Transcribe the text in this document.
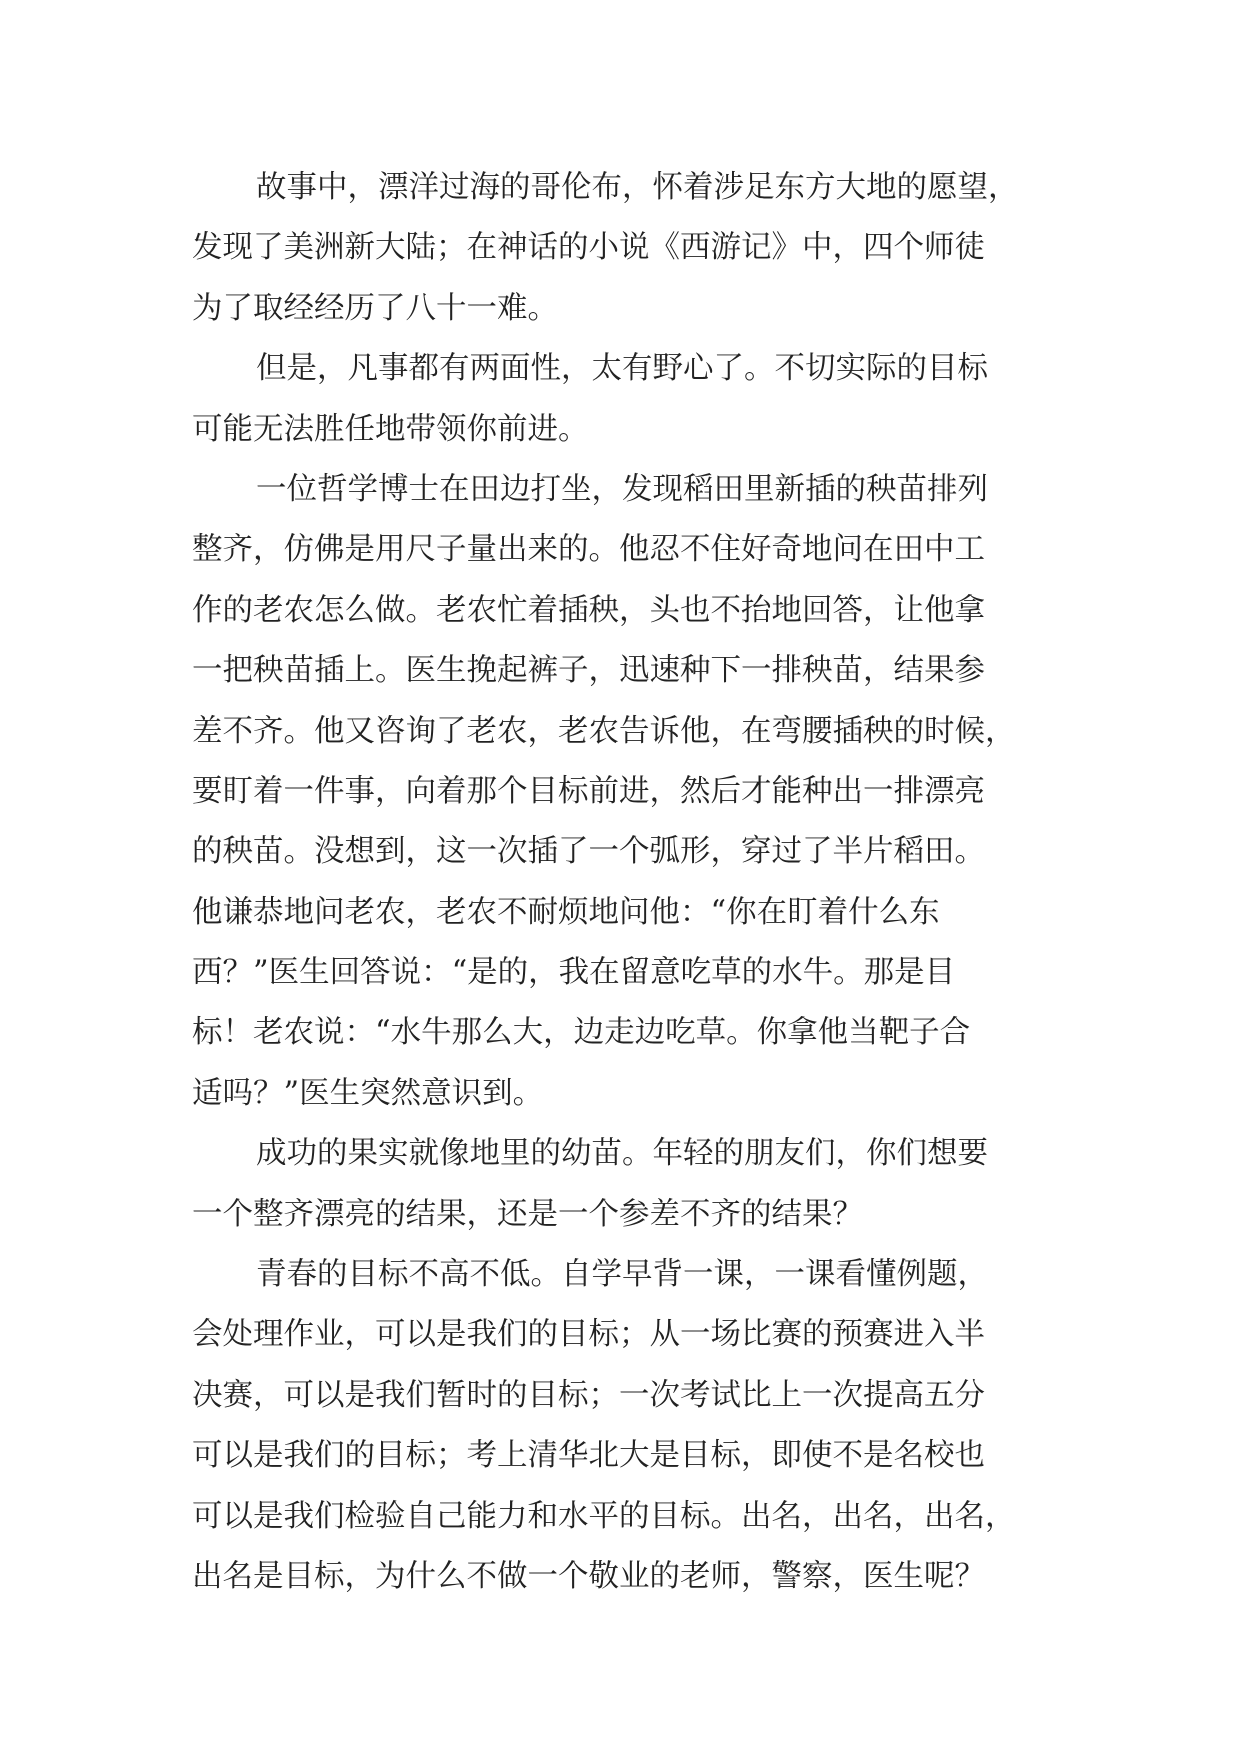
故事中，漂洋过海的哥伦布，怀着涉足东方大地的愿望，
发现了美洲新大陆；在神话的小说《西游记》中，四个师徒
为了取经经历了八十一难。
但是，凡事都有两面性，太有野心了。不切实际的目标
可能无法胜任地带领你前进。
一位哲学博士在田边打坐，发现稻田里新插的秧苗排列
整齐，仿佛是用尺子量出来的。他忍不住好奇地问在田中工
作的老农怎么做。老农忙着插秧，头也不抬地回答，让他拿
一把秧苗插上。医生挽起裤子，迅速种下一排秧苗，结果参
差不齐。他又咨询了老农，老农告诉他，在弯腰插秧的时候，
要盯着一件事，向着那个目标前进，然后才能种出一排漂亮
的秧苗。没想到，这一次插了一个弧形，穿过了半片稻田。
他谦恭地问老农，老农不耐烦地问他：“你在盯着什么东
西？”医生回答说：“是的，我在留意吃草的水牛。那是目
标！老农说：“水牛那么大，边走边吃草。你拿他当靶子合
适吗？”医生突然意识到。
成功的果实就像地里的幼苗。年轻的朋友们，你们想要
一个整齐漂亮的结果，还是一个参差不齐的结果？
青春的目标不高不低。自学早背一课，一课看懂例题，
会处理作业，可以是我们的目标；从一场比赛的预赛进入半
决赛，可以是我们暂时的目标；一次考试比上一次提高五分
可以是我们的目标；考上清华北大是目标，即使不是名校也
可以是我们检验自己能力和水平的目标。出名，出名，出名，
出名是目标，为什么不做一个敬业的老师，警察，医生呢？
